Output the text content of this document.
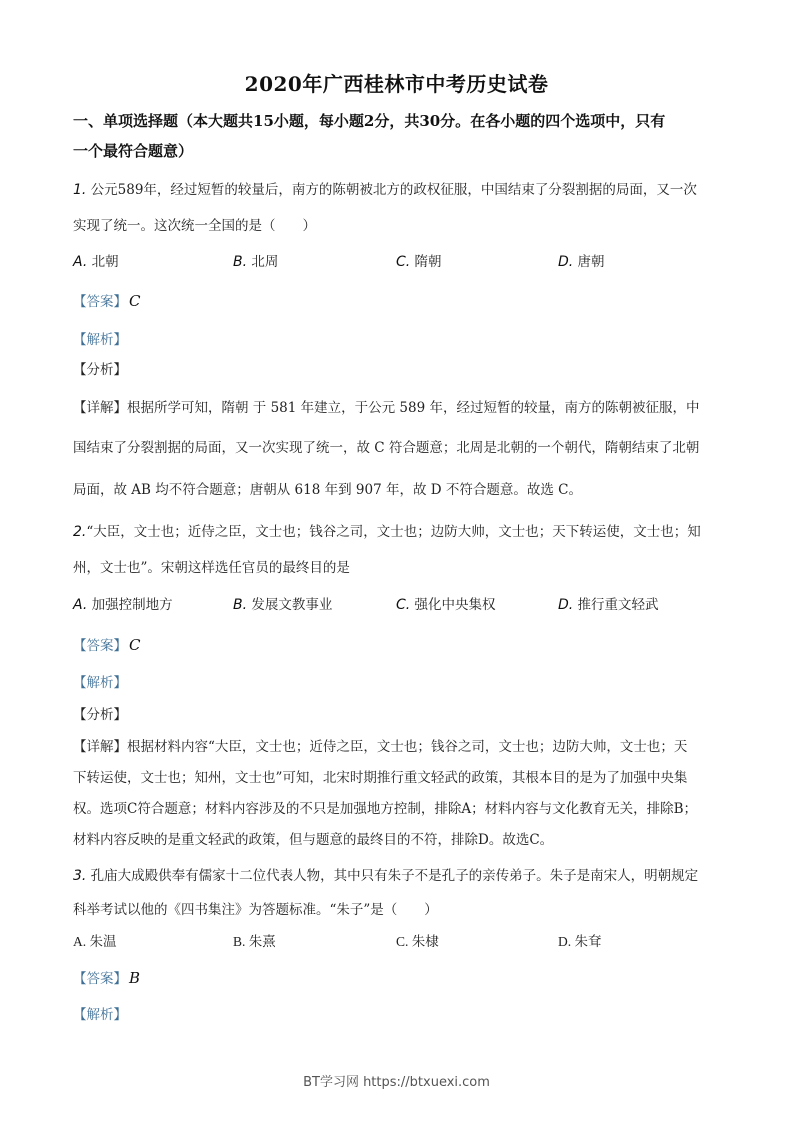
2020年广西桂林市中考历史试卷
一、单项选择题（本大题共15小题，每小题2分，共30分。在各小题的四个选项中，只有
一个最符合题意）
1. 公元589年，经过短暂的较量后，南方的陈朝被北方的政权征服，中国结束了分裂割据的局面，又一次
实现了统一。这次统一全国的是（　　）
A. 北朝	B. 北周	C. 隋朝	D. 唐朝
【答案】 C
【解析】
【分析】
【详解】根据所学可知，隋朝 于 581 年建立，于公元 589 年，经过短暂的较量，南方的陈朝被征服，中
国结束了分裂割据的局面，又一次实现了统一，故 C 符合题意；北周是北朝的一个朝代，隋朝结束了北朝
局面，故 AB 均不符合题意；唐朝从 618 年到 907 年，故 D 不符合题意。故选 C。
2.“大臣，文士也；近侍之臣，文士也；钱谷之司，文士也；边防大帅，文士也；天下转运使，文士也；知
州，文士也”。宋朝这样选任官员的最终目的是
A. 加强控制地方	B. 发展文教事业	C. 强化中央集权	D. 推行重文轻武
【答案】 C
【解析】
【分析】
【详解】根据材料内容“大臣，文士也；近侍之臣，文士也；钱谷之司，文士也；边防大帅，文士也；天
下转运使，文士也；知州，文士也”可知，北宋时期推行重文轻武的政策，其根本目的是为了加强中央集
权。选项C符合题意；材料内容涉及的不只是加强地方控制，排除A；材料内容与文化教育无关，排除B；
材料内容反映的是重文轻武的政策，但与题意的最终目的不符，排除D。故选C。
3. 孔庙大成殿供奉有儒家十二位代表人物，其中只有朱子不是孔子的亲传弟子。朱子是南宋人，明朝规定
科举考试以他的《四书集注》为答题标准。“朱子”是（　　）
A. 朱温	B. 朱熹	C. 朱棣	D. 朱耷
【答案】 B
【解析】
BT学习网 https://btxuexi.com
